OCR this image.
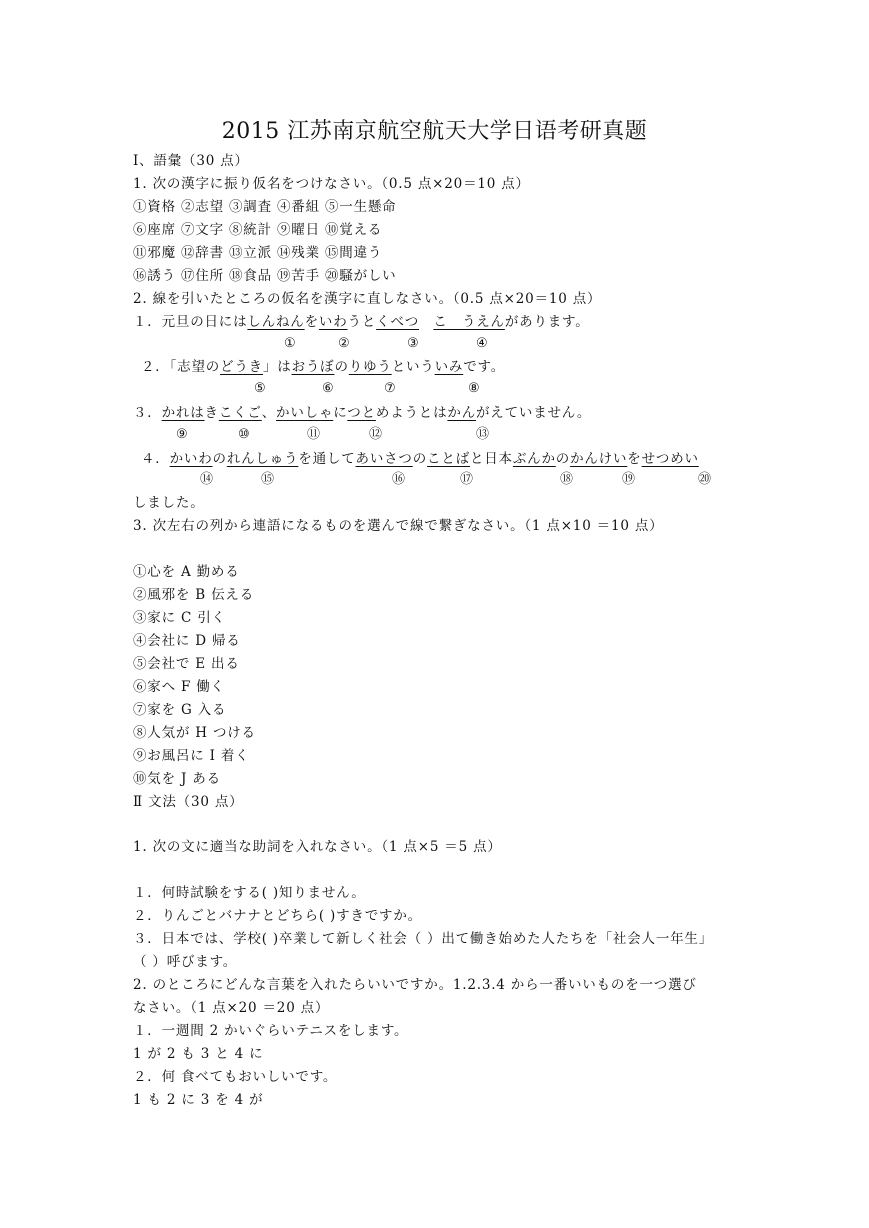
2015 江苏南京航空航天大学日语考研真题
Ⅰ、語彙（30 点）
1. 次の漢字に振り仮名をつけなさい。（0.5 点×20＝10 点）
①資格 ②志望 ③調査 ④番組 ⑤一生懸命
⑥座席 ⑦文字 ⑧統計 ⑨曜日 ⑩覚える
⑪邪魔 ⑫辞書 ⑬立派 ⑭残業 ⑮間違う
⑯誘う ⑰住所 ⑱食品 ⑲苦手 ⑳騒がしい
2. 線を引いたところの仮名を漢字に直しなさい。（0.5 点×20＝10 点）
１．元旦の日にはしんねんをいわうとくべつ　 こ　うえんがあります。
①	②	③	④
２．「志望のどうき」はおうぼのりゆうといういみです。
⑤	⑥	⑦	⑧
３．かれはきこくご、かいしゃにつとめようとはかんがえていません。
⑨	⑩	⑪	⑫	⑬
４．かいわのれんしゅうを通してあいさつのことばと日本ぶんかのかんけいをせつめい
⑭	⑮	⑯	⑰	⑱	⑲	⑳
しました。
3. 次左右の列から連語になるものを選んで線で繋ぎなさい。（1 点×10 ＝10 点）
①心を A 勤める
②風邪を B 伝える
③家に C 引く
④会社に D 帰る
⑤会社で E 出る
⑥家へ F 働く
⑦家を G 入る
⑧人気が H つける
⑨お風呂に I 着く
⑩気を J ある
Ⅱ 文法（30 点）
1. 次の文に適当な助詞を入れなさい。（1 点×5 ＝5 点）
１．何時試験をする( )知りません。
２．りんごとバナナとどちら( )すきですか。
３．日本では、学校( )卒業して新しく社会（ ）出て働き始めた人たちを「社会人一年生」
（ ）呼びます。
2. のところにどんな言葉を入れたらいいですか。1.2.3.4 から一番いいものを一つ選び
なさい。（1 点×20 ＝20 点）
１．一週間 2 かいぐらいテニスをします。
1 が 2 も 3 と 4 に
２．何 食べてもおいしいです。
1 も 2 に 3 を 4 が
